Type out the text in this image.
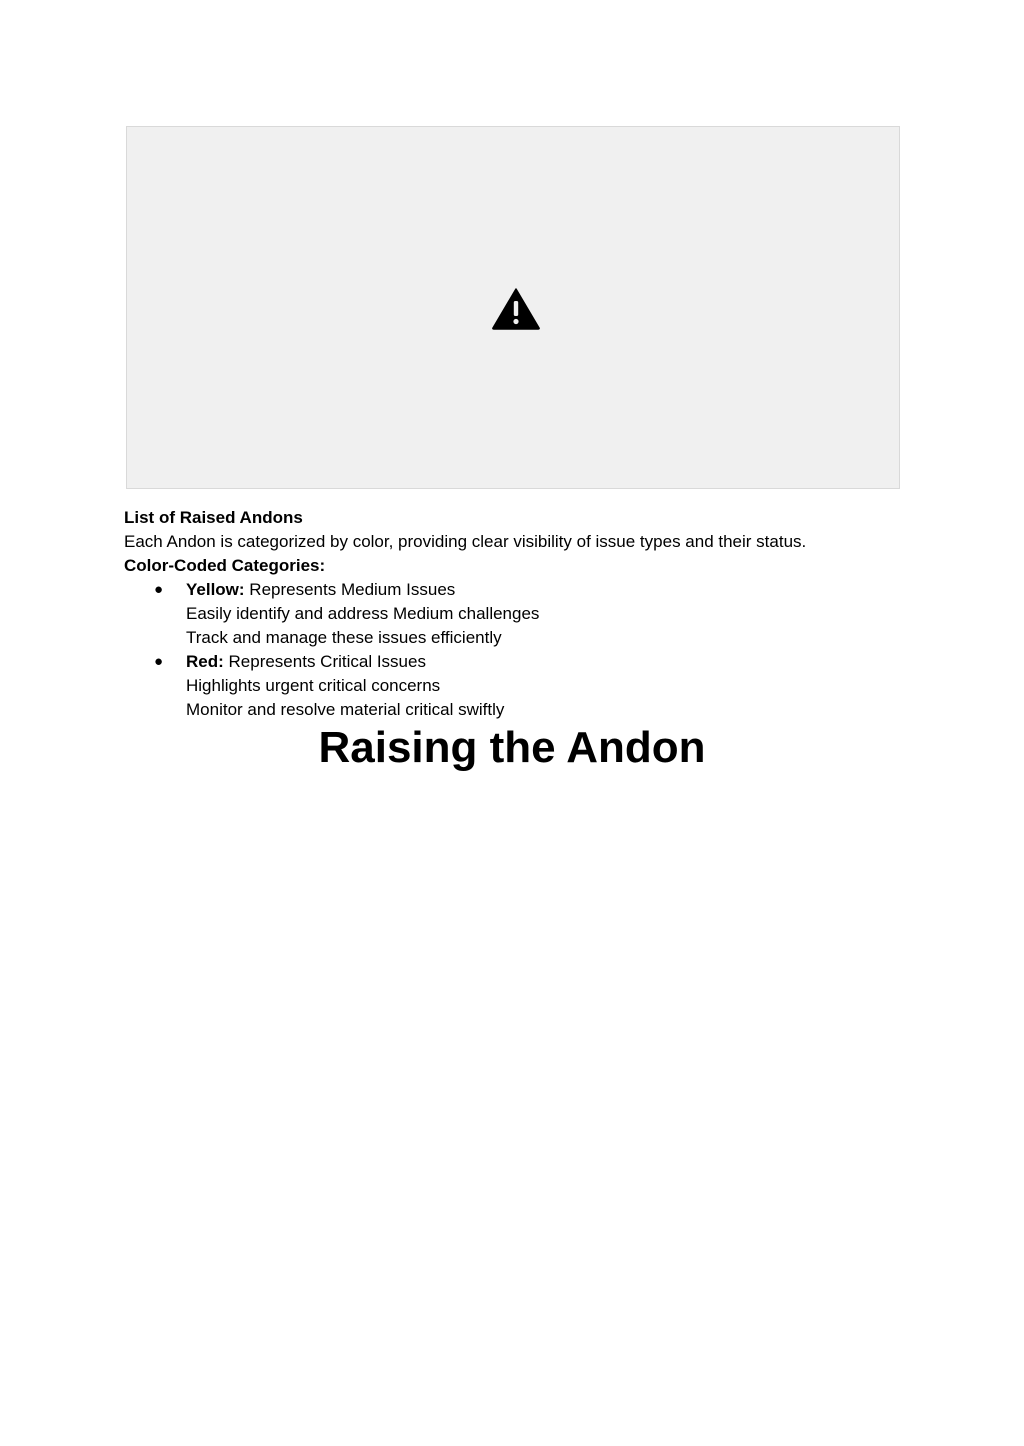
List of Raised Andons

Each Andon is categorized by color, providing clear visibility of issue types and their status.

Color-Coded Categories:

● Yellow: Represents Medium Issues

Easily identify and address Medium challenges

Track and manage these issues efficiently

● Red: Represents Critical Issues

Highlights urgent critical concerns

Monitor and resolve material critical swiftly

Raising the Andon
